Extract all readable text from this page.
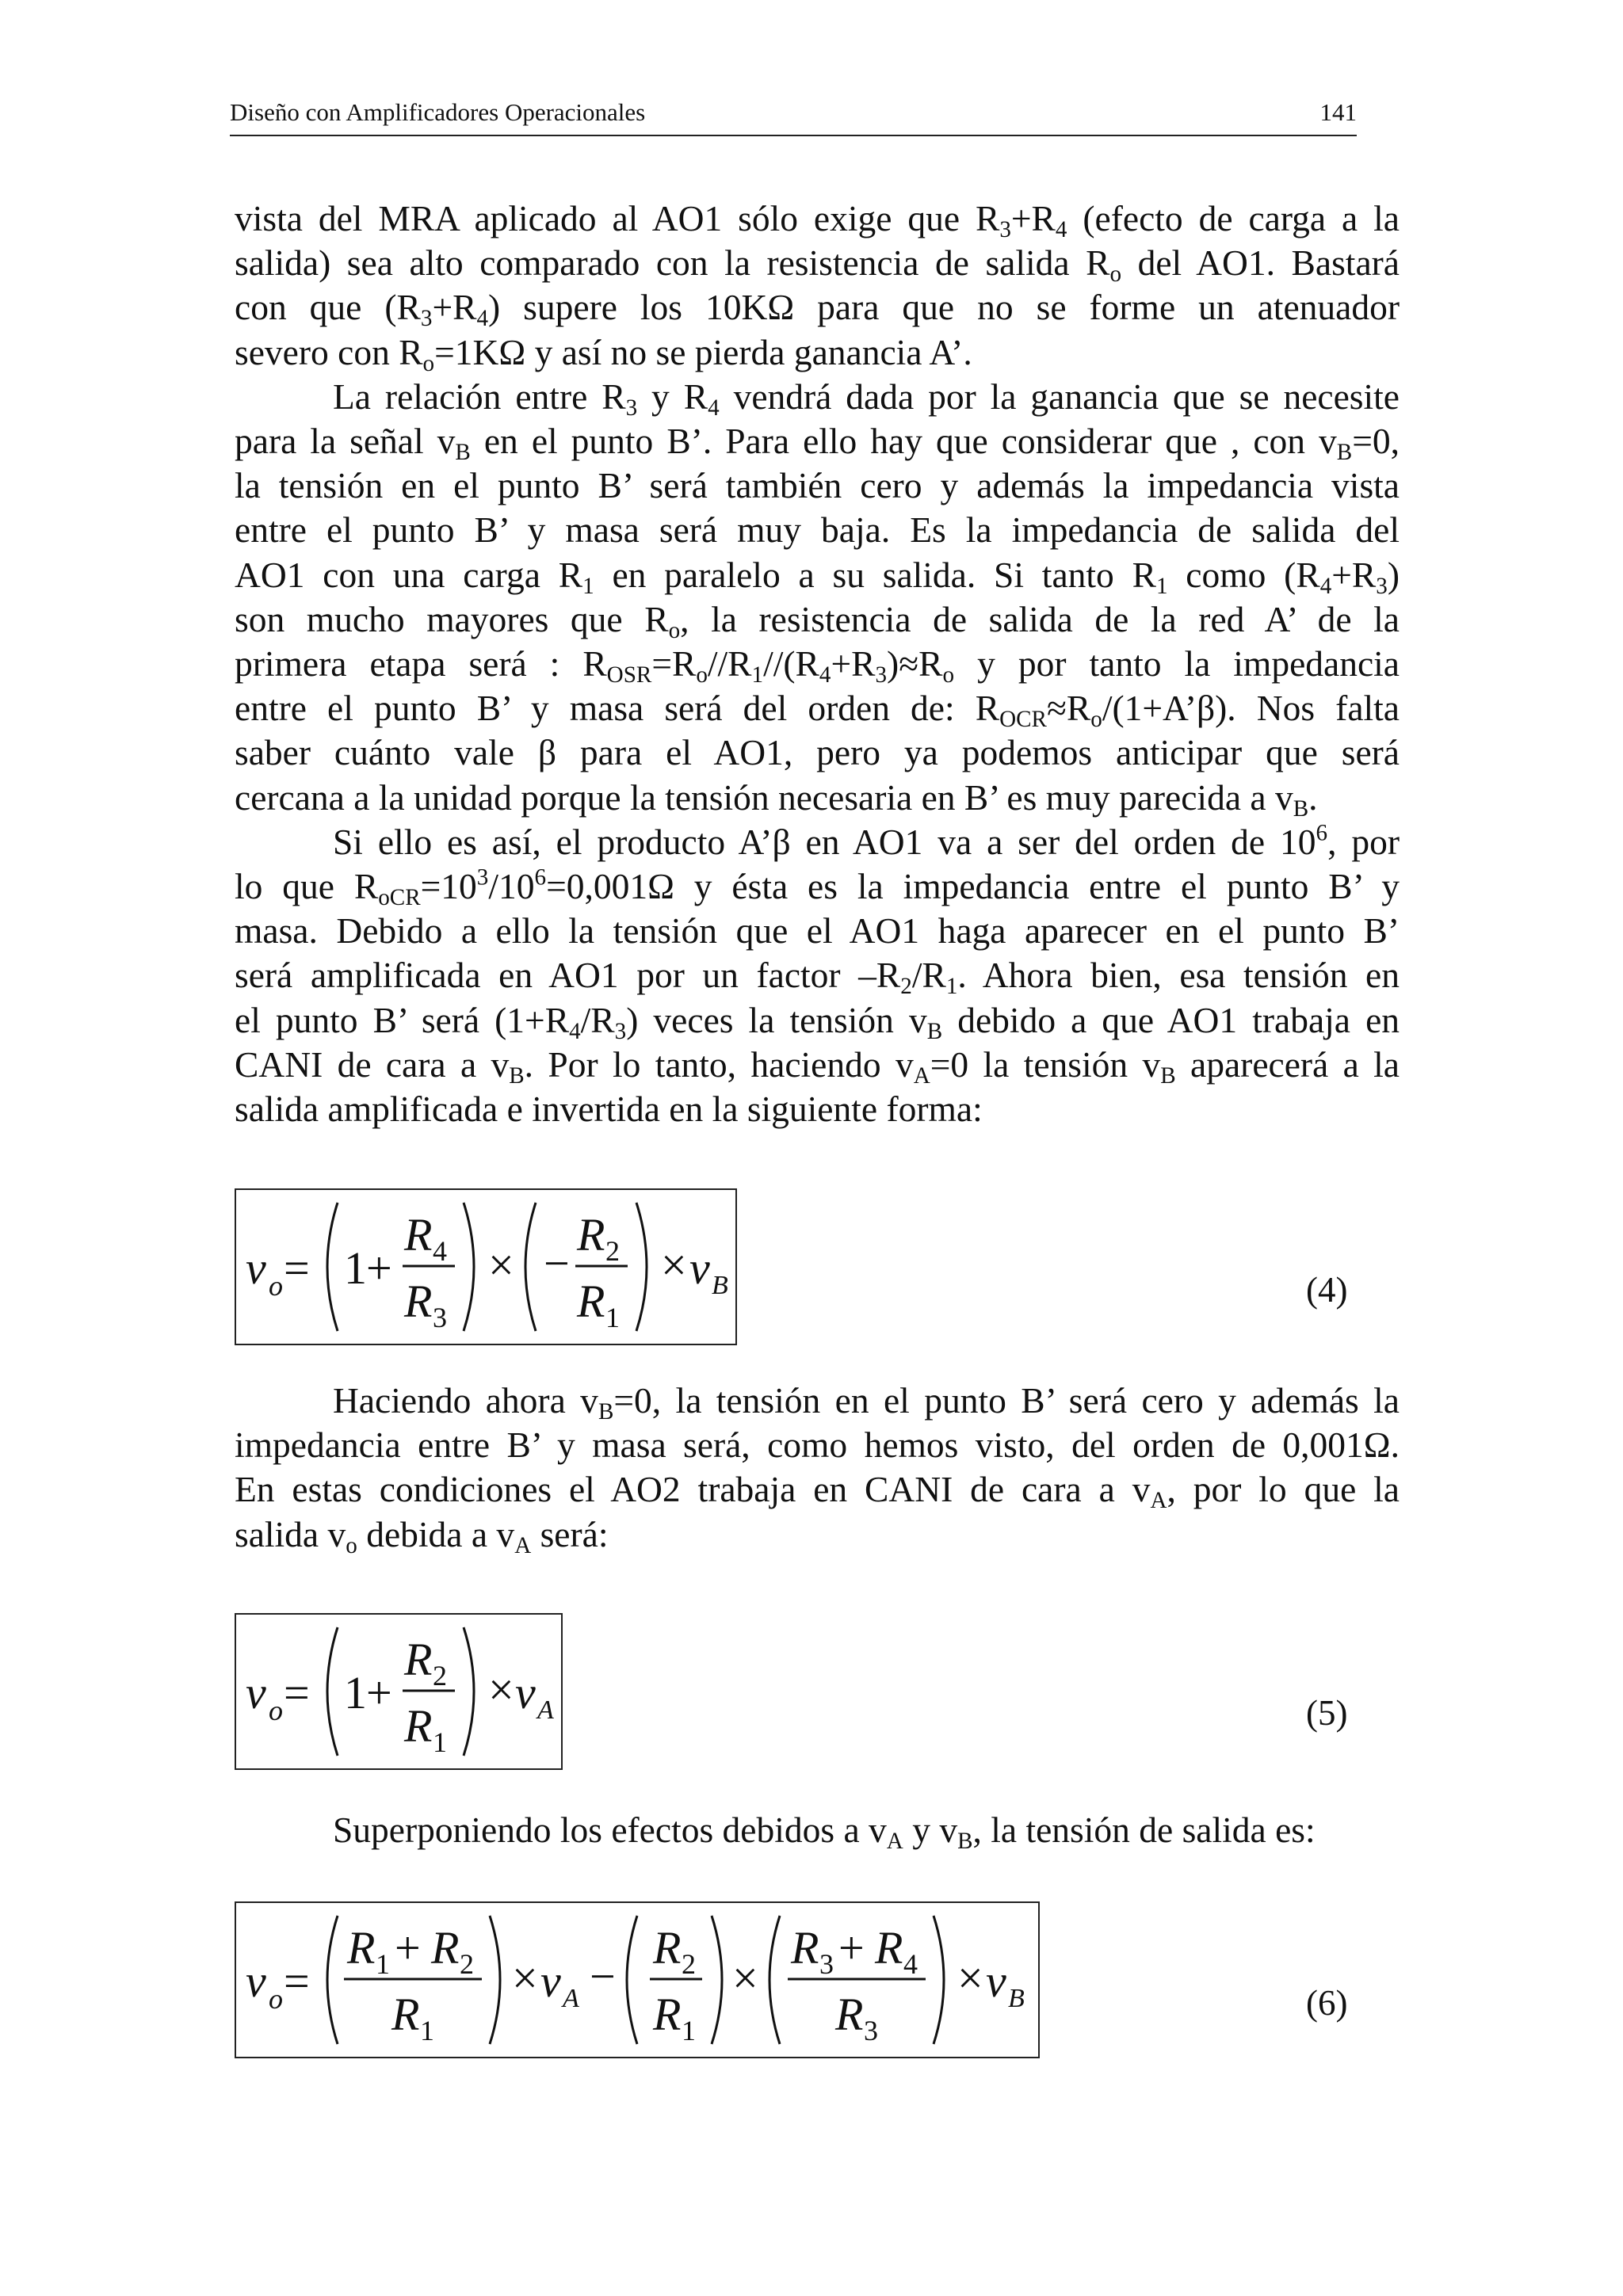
Diseño con Amplificadores Operacionales	141
vista del MRA aplicado al AO1 sólo exige que $R_3+R_4$ (efecto de carga a la
salida) sea alto comparado con la resistencia de salida $R_o$ del AO1. Bastará
con que $(R_3+R_4)$ supere los 10KΩ para que no se forme un atenuador
severo con $R_o=1K\Omega$ y así no se pierda ganancia A’.
La relación entre $R_3$ y $R_4$ vendrá dada por la ganancia que se necesite
para la señal $v_B$ en el punto B’. Para ello hay que considerar que , con $v_B=0$,
la tensión en el punto B’ será también cero y además la impedancia vista
entre el punto B’ y masa será muy baja. Es la impedancia de salida del
AO1 con una carga $R_1$ en paralelo a su salida. Si tanto $R_1$ como $(R_4+R_3)$
son mucho mayores que $R_o$, la resistencia de salida de la red A’ de la
primera etapa será : $R_{OSR}=R_o//R_1//(R_4+R_3)\approx R_o$ y por tanto la impedancia
entre el punto B’ y masa será del orden de: $R_{OCR}\approx R_o/(1+A’\beta)$. Nos falta
saber cuánto vale β para el AO1, pero ya podemos anticipar que será
cercana a la unidad porque la tensión necesaria en B’ es muy parecida a $v_B$.
Si ello es así, el producto A’β en AO1 va a ser del orden de $10^6$, por
lo que $R_{oCR}=10^3/10^6=0,001\Omega$ y ésta es la impedancia entre el punto B’ y
masa. Debido a ello la tensión que el AO1 haga aparecer en el punto B’
será amplificada en AO1 por un factor $-R_2/R_1$. Ahora bien, esa tensión en
el punto B’ será $(1+R_4/R_3)$ veces la tensión $v_B$ debido a que AO1 trabaja en
CANI de cara a $v_B$. Por lo tanto, haciendo $v_A=0$ la tensión $v_B$ aparecerá a la
salida amplificada e invertida en la siguiente forma:
v o = 1 +
R 4
R 3
× −
R 2
R 1
× v B	(4)
Haciendo ahora $v_B=0$, la tensión en el punto B’ será cero y además la
impedancia entre B’ y masa será, como hemos visto, del orden de 0,001Ω.
En estas condiciones el AO2 trabaja en CANI de cara a $v_A$, por lo que la
salida $v_o$ debida a $v_A$ será:
v o = 1 +
R 2
R 1
× v A	(5)
Superponiendo los efectos debidos a $v_A$ y $v_B$, la tensión de salida es:
v o =
R 1 + R 2
R 1
× v A −
R 2
R 1
×
R 3 + R 4
R 3
× v B	(6)
